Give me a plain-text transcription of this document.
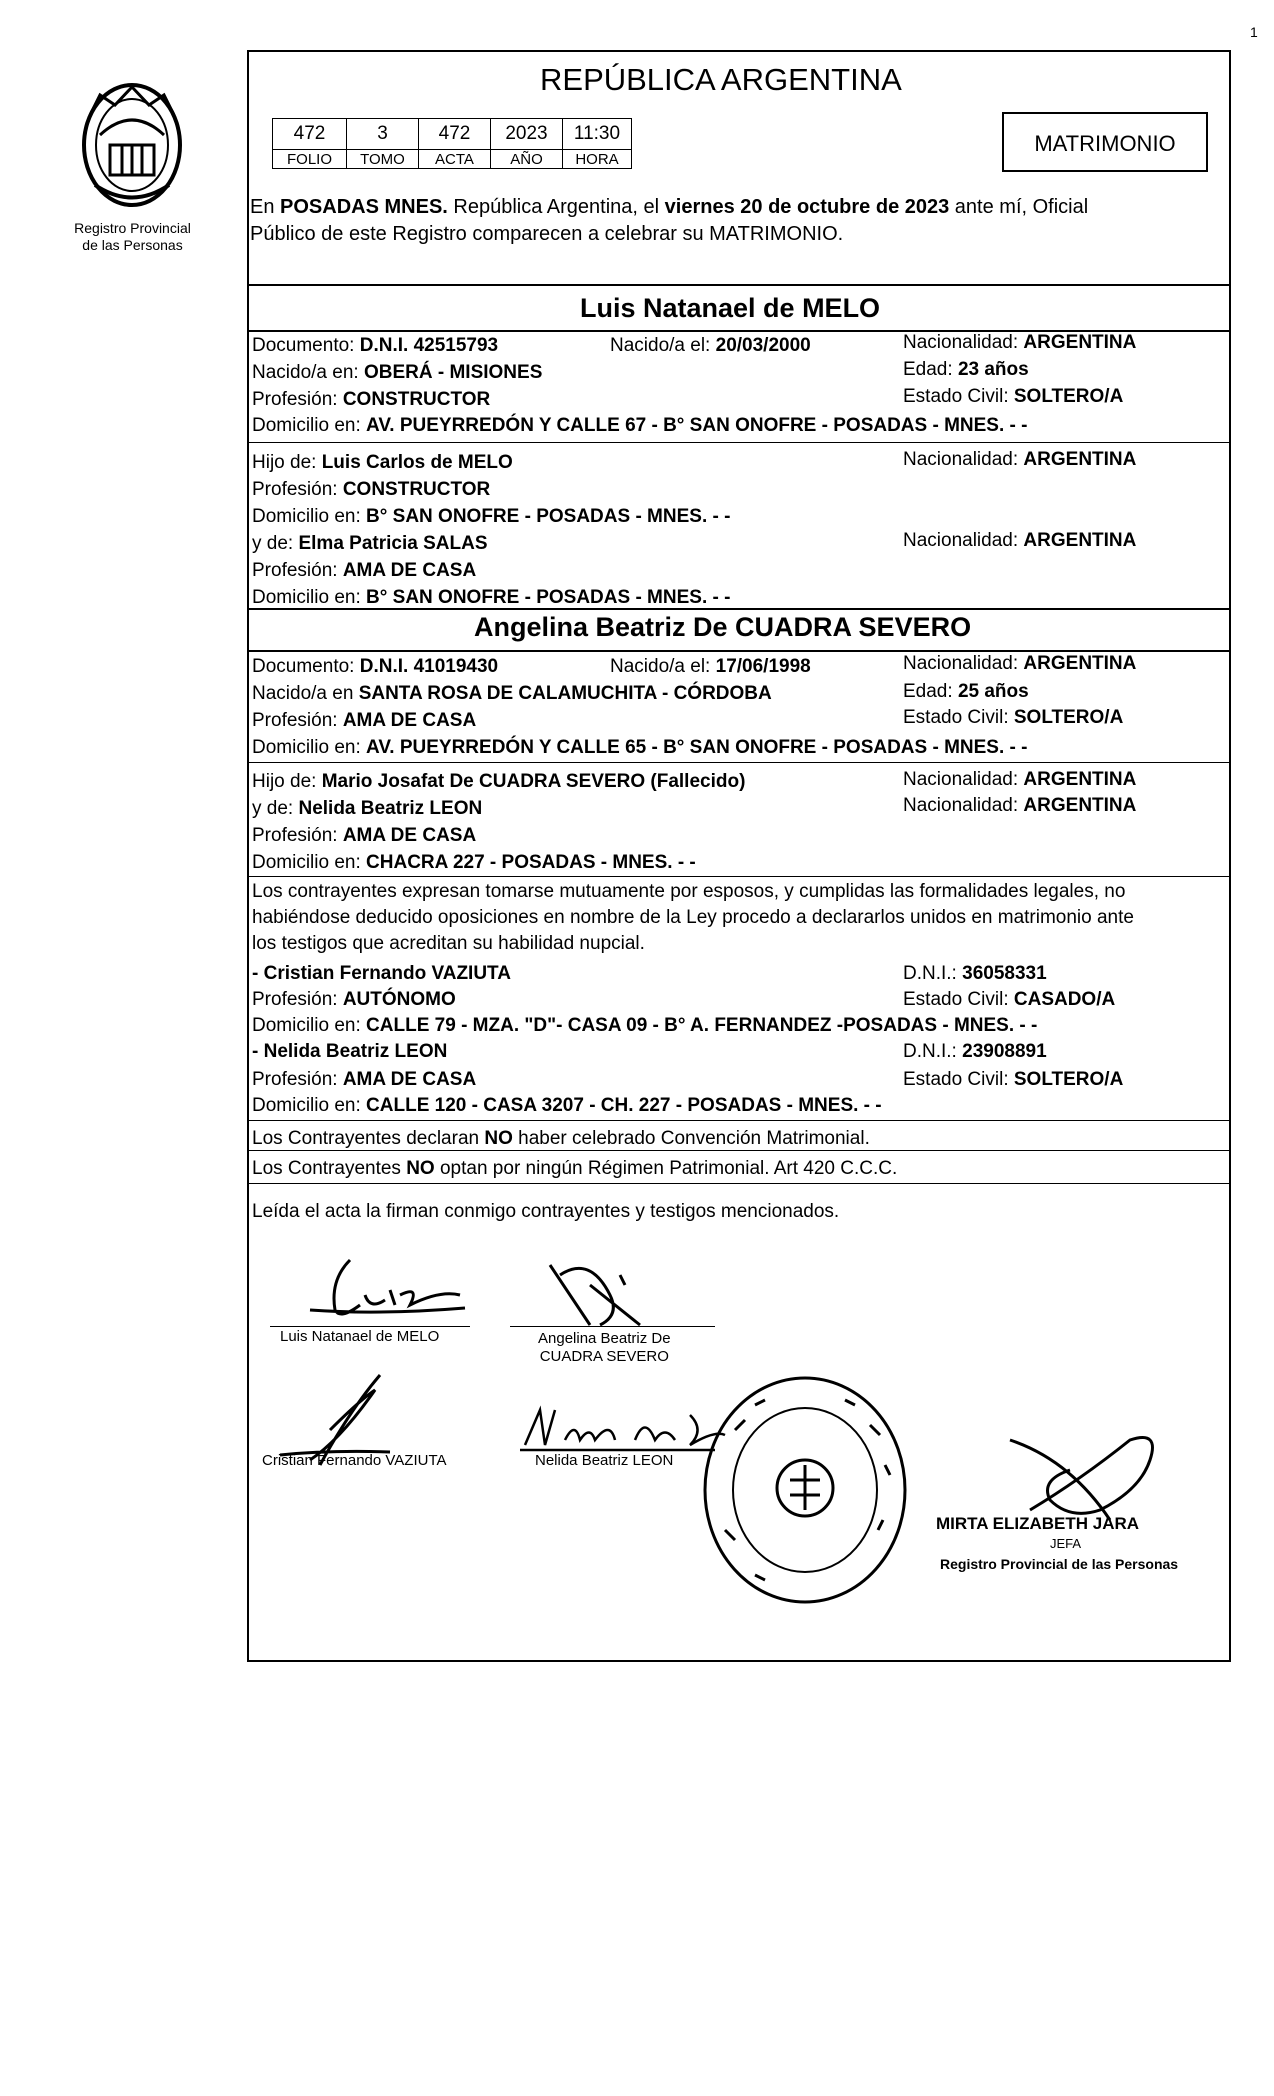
1
Registro Provincial
de las Personas
REPÚBLICA ARGENTINA
472	3	472	2023	11:30
FOLIO	TOMO	ACTA	AÑO	HORA
MATRIMONIO
En POSADAS MNES. República Argentina, el viernes 20 de octubre de 2023 ante mí, Oficial
Público de este Registro comparecen a celebrar su MATRIMONIO.
Luis Natanael de MELO
Documento: D.N.I. 42515793	Nacido/a el: 20/03/2000	Nacionalidad: ARGENTINA
Nacido/a en: OBERÁ - MISIONES	Edad: 23 años
Profesión: CONSTRUCTOR	Estado Civil: SOLTERO/A
Domicilio en: AV. PUEYRREDÓN Y CALLE 67 - B° SAN ONOFRE - POSADAS - MNES. - -
Hijo de: Luis Carlos de MELO	Nacionalidad: ARGENTINA
Profesión: CONSTRUCTOR
Domicilio en: B° SAN ONOFRE - POSADAS - MNES. - -
y de: Elma Patricia SALAS	Nacionalidad: ARGENTINA
Profesión: AMA DE CASA
Domicilio en: B° SAN ONOFRE - POSADAS - MNES. - -
Angelina Beatriz De CUADRA SEVERO
Documento: D.N.I. 41019430	Nacido/a el: 17/06/1998	Nacionalidad: ARGENTINA
Nacido/a en SANTA ROSA DE CALAMUCHITA - CÓRDOBA	Edad: 25 años
Profesión: AMA DE CASA	Estado Civil: SOLTERO/A
Domicilio en: AV. PUEYRREDÓN Y CALLE 65 - B° SAN ONOFRE - POSADAS - MNES. - -
Hijo de: Mario Josafat De CUADRA SEVERO (Fallecido)	Nacionalidad: ARGENTINA
y de: Nelida Beatriz LEON	Nacionalidad: ARGENTINA
Profesión: AMA DE CASA
Domicilio en: CHACRA 227 - POSADAS - MNES. - -
Los contrayentes expresan tomarse mutuamente por esposos, y cumplidas las formalidades legales, no
habiéndose deducido oposiciones en nombre de la Ley procedo a declararlos unidos en matrimonio ante
los testigos que acreditan su habilidad nupcial.
- Cristian Fernando VAZIUTA	D.N.I.: 36058331
Profesión: AUTÓNOMO	Estado Civil: CASADO/A
Domicilio en: CALLE 79 - MZA. "D"- CASA 09 - B° A. FERNANDEZ -POSADAS - MNES. - -
- Nelida Beatriz LEON	D.N.I.: 23908891
Profesión: AMA DE CASA	Estado Civil: SOLTERO/A
Domicilio en: CALLE 120 - CASA 3207 - CH. 227 - POSADAS - MNES. - -
Los Contrayentes declaran NO haber celebrado Convención Matrimonial.
Los Contrayentes NO optan por ningún Régimen Patrimonial. Art 420 C.C.C.
Leída el acta la firman conmigo contrayentes y testigos mencionados.
Luis Natanael de MELO	Angelina Beatriz De
CUADRA SEVERO
Cristian Fernando VAZIUTA	Nelida Beatriz LEON
MIRTA ELIZABETH JARA
JEFA
Registro Provincial de las Personas
